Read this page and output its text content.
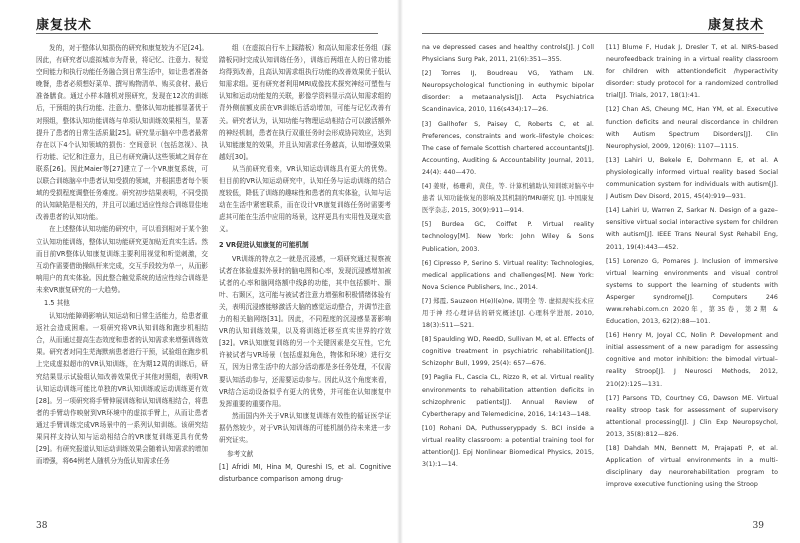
康复技术

发的，对于整体认知损伤的研究和康复较为不足[24]。因此，有研究者以虚拟城市为背景，将记忆、注意力、视觉空间能力和执行功能任务融合到日常生活中，如让患者准备晚餐，患者必须想好菜单、撰写购物清单、购买食材、最后准备膳食。通过小样本随机对照研究，发现在12次的训练后，干预组的执行功能、注意力、整体认知功能都显著优于对照组，整体认知功能训练与单项认知训练效果相当，显著提升了患者的日常生活质量[25]。研究显示脑卒中患者最常存在以下4个认知领域的损伤：空间意识（包括忽视）、执行功能、记忆和注意力，且已有研究确认这些领域之间存在联系[26]。因此Maier等[27]建立了一个VR康复系统，可以联合训练脑卒中患者认知受损的领域，并根据患者每个领域的受损程度调整任务难度。研究初步结果表明，不同受损的认知缺陷是相关的，并且可以通过适应性综合训练显佳地改善患者的认知功能。

在上述整体认知功能的研究中，可以看到相对于某个独立认知功能训练，整体认知功能研究更加贴近真实生活。然而目前VR整体认知康复训练主要利用视觉和听觉刺激，交互动作需要借助操纵杆来完成，交互手段较为单一，从而影响用户的真实体验。因此整合触觉系统的适应性综合训练是未来VR康复研究的一大趋势。

1.5 其他

认知功能障碍影响认知运动和日常生活能力，给患者重返社会造成困难。一项研究将VR认知训练和跑步机相结合，从而通过提高生态效度和患者的认知需求来增强训练效果。研究者对同生芜海默病患者进行干预，试验组在跑步机上完成虚拟超市的VR认知训练，在为期12周的训练后，研究结果显示试验组认知改善效果优于其他对照组，表明VR认知运动训练可能比单独的VR认知训练或运动训练更有效[28]。另一项研究将手臂伸展训练和认知训练相结合，将患者的手臂动作映射到VR环境中的虚拟手臂上，从而让患者通过手臂训练完成VR场景中的一系列认知训练。该研究结果同样支持认知与运动相结合的VR康复训练更具有优势[29]。有研究报道认知运动训练效果会随着认知需求的增加而增强，将64例老人随机分为低认知需求任务

组（在虚拟自行车上踩踏板）和高认知需求任务组（踩踏板同时完成认知训练任务），训练后两组在人的日常功能均得到改善，且高认知需求组执行功能的改善效果优于低认知需求组。更有研究者利用MRI成像技术探究神经可塑性与认知和运动功能复的关联，影像学资料显示高认知需求组的背外侧前额皮质在VR训练后活动增加，可能与记忆改善有关。研究者认为，认知功能与物理运动相结合可以激活额外的神经机制，患者在执行双重任务时会形成协同效应，达到认知能康复的效果，并且认知需求任务越高，认知增强效果越好[30]。

从当前研究看来，VR认知运动训练具有更大的优势。但目前的VR认知运动研究中，认知任务与运动训练的结合度较低，降低了训练的趣味性和患者的真实体验，认知与运动在生活中紧密联系，而在设计VR康复训练任务时需要考虑其可能在生活中应用的场景，这样更具有实用性及现实意义。

2 VR促进认知康复的可能机制

VR训练的特点之一就是沉浸感，一项研究通过视察被试者在体验虚拟外景时的脑电图和心率，发现沉浸感增加被试者的心率和脑网络额中线β的功能，其中包括额叶、颞叶、右颞区，这可能与被试者注意力增强和积极情绪体验有关，表明沉浸感能够激活大脑的感觉运动整合，并调节注意力的相关脑网络[31]。因此，不同程度的沉浸感显著影响VR的认知训练效果，以及将训练迁移至真实世界的疗效[32]。VR认知康复训练的另一个关键因素是交互性，它允许被试者与VR场景（包括虚拟角色，物体和环境）进行交互，因为日常生活中的大部分活动都是多任务处理，不仅需要认知活动参与，还需要运动参与。因此从这个角度来看，VR结合运动设备似乎有更大的优势，并可能在认知康复中发挥重要的重要作用。

然而国内外关于VR认知康复训练有效性的循证医学证据仍然较少，对于VR认知训练的可能机制仍待未来进一步研究证实。

参考文献

[1] Afridi MI, Hina M, Qureshi IS, et al. Cognitive disturbance comparison among drug-

38
康复技术

na ve depressed cases and healthy controls[J]. J Coll Physicians Surg Pak, 2011, 21(6):351—355.

[2] Torres IJ, Boudreau VG, Yatham LN. Neuropsychological functioning in euthymic bipolar disorder: a metaanalysis[J]. Acta Psychiatrica Scandinavica, 2010, 116(s434):17—26.

[3] Gallhofer S, Paisey C, Roberts C, et al. Preferences, constraints and work–lifestyle choices: The case of female Scottish chartered accountants[J]. Accounting, Auditing & Accountability Journal, 2011, 24(4): 440—470.

[4] 姜财，杨珊莉，黄佳，等. 计算机辅助认知训练对脑卒中患者 认知功能恢复的影响及其机制的fMRI研究 [J]. 中国康复医学杂志, 2015, 30(9):911—914.

[5] Burdea GC, Coiffet P. Virtual reality technology[M]. New York: John Wiley & Sons Publication, 2003.

[6] Cipresso P, Serino S. Virtual reality: Technologies, medical applications and challenges[M]. New York: Nova Science Publishers, Inc., 2014.

[7] 郑霞, Sauzeon H(e)l(e)ne, 周明全 等. 虚拟现实技术应用于神 经心理评估的研究概述[J]. 心理科学进展, 2010, 18(3):511—521.

[8] Spaulding WD, ReedD, Sullivan M, et al. Effects of cognitive treatment in psychiatric rehabilitation[J]. Schizophr Bull, 1999, 25(4): 657—676.

[9] Paglia FL, Cascia CL, Rizzo R, et al. Virtual reality environments to rehabilitation attention deficits in schizophrenic patients[J]. Annual Review of Cybertherapy and Telemedicine, 2016, 14:143—148.

[10] Rohani DA, Puthusseryppady S. BCI inside a virtual reality classroom: a potential training tool for attention[J]. Epj Nonlinear Biomedical Physics, 2015, 3(1):1—14.

[11] Blume F, Hudak J, Dresler T, et al. NIRS-based neurofeedback training in a virtual reality classroom for children with attentiondeficit /hyperactivity disorder: study protocol for a randomized controlled trial[J]. Trials, 2017, 18(1):41.

[12] Chan AS, Cheung MC, Han YM, et al. Executive function deficits and neural discordance in children with Autism Spectrum Disorders[J]. Clin Neurophysiol, 2009, 120(6): 1107—1115.

[13] Lahiri U, Bekele E, Dohrmann E, et al. A physiologically informed virtual reality based Social communication system for individuals with autism[J]. J Autism Dev Disord, 2015, 45(4):919—931.

[14] Lahiri U, Warren Z, Sarkar N. Design of a gaze– sensitive virtual social interactive system for children with autism[J]. IEEE Trans Neural Syst Rehabil Eng, 2011, 19(4):443—452.

[15] Lorenzo G, Pomares J. Inclusion of immersive virtual learning environments and visual control systems to support the learning of students with Asperger syndrome[J]. Computers 246 www.rehabi.com.cn 2020年，第35卷，第2期 & Education, 2013, 62(2):88—101.

[16] Henry M, Joyal CC, Nolin P. Development and initial assessment of a new paradigm for assessing cognitive and motor inhibition: the bimodal virtual– reality Stroop[J]. J Neurosci Methods, 2012, 210(2):125—131.

[17] Parsons TD, Courtney CG, Dawson ME. Virtual reality stroop task for assessment of supervisory attentional processing[J]. J Clin Exp Neuropsychol, 2013, 35(8):812—826.

[18] Dahdah MN, Bennett M, Prajapati P, et al. Application of virtual environments in a multi-disciplinary day neurorehabilitation program to improve executive functioning using the Stroop

39
